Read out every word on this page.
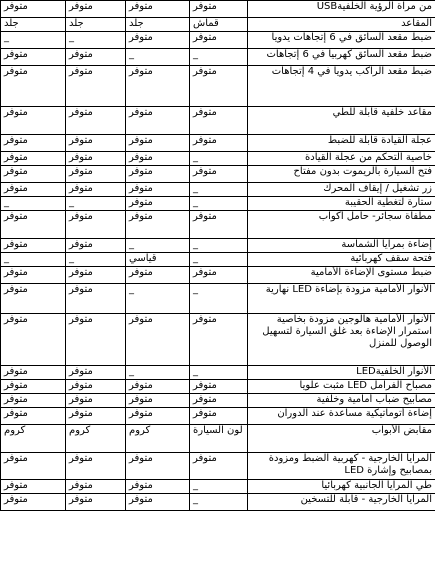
من مرآة الرؤية الخلفيةUSB	متوفر	متوفر	متوفر	متوفر
المقاعد	قماش	جلد	جلد	جلد
ضبط مقعد السائق في 6 إتجاهات يدويا	متوفر	متوفر	_	_
ضبط مقعد السائق كهربيا في 6 إتجاهات	_	_	متوفر	متوفر
ضبط مقعد الراكب يدويا في 4 إتجاهات	متوفر	متوفر	متوفر	متوفر
مقاعد خلفية قابلة للطي	متوفر	متوفر	متوفر	متوفر
عجلة القيادة قابلة للضبط	متوفر	متوفر	متوفر	متوفر
خاصية التحكم من عجلة القيادة	_	متوفر	متوفر	متوفر
فتح السيارة بالريموت بدون مفتاح	متوفر	متوفر	متوفر	متوفر
زر تشغيل / إيقاف المحرك	_	متوفر	متوفر	متوفر
ستارة لتغطية الحقيبة	_	متوفر	_	_
مطفأة سجائر- حامل أكواب	متوفر	متوفر	متوفر	متوفر
إضاءة بمرايا الشماسة	_	_	متوفر	متوفر
فتحة سقف كهربائية	_	قياسي	_	_
ضبط مستوى الإضاءة الأمامية	متوفر	متوفر	متوفر	متوفر
الأنوار الأمامية مزودة بإضاءة LED نهارية	_	_	متوفر	متوفر
الأنوار الأمامية هالوجين مزودة بخاصية استمرار الإضاءة بعد غلق السيارة لتسهيل الوصول للمنزل	متوفر	متوفر	متوفر	متوفر
الأنوار الخلفيةLED	_	_	متوفر	متوفر
مصباح الفرامل LED مثبت علويا	متوفر	متوفر	متوفر	متوفر
مصابيح ضباب أمامية وخلفية	متوفر	متوفر	متوفر	متوفر
إضاءة أتوماتيكية مساعدة عند الدوران	متوفر	متوفر	متوفر	متوفر
مقابض الأبواب	لون السيارة	كروم	كروم	كروم
المرايا الخارجية - كهربية الضبط ومزودة بمصابيح وإشارة LED	متوفر	متوفر	متوفر	متوفر
طي المرايا الجانبية كهربائيا	_	متوفر	متوفر	متوفر
المرايا الخارجية - قابلة للتسخين	_	متوفر	متوفر	متوفر
